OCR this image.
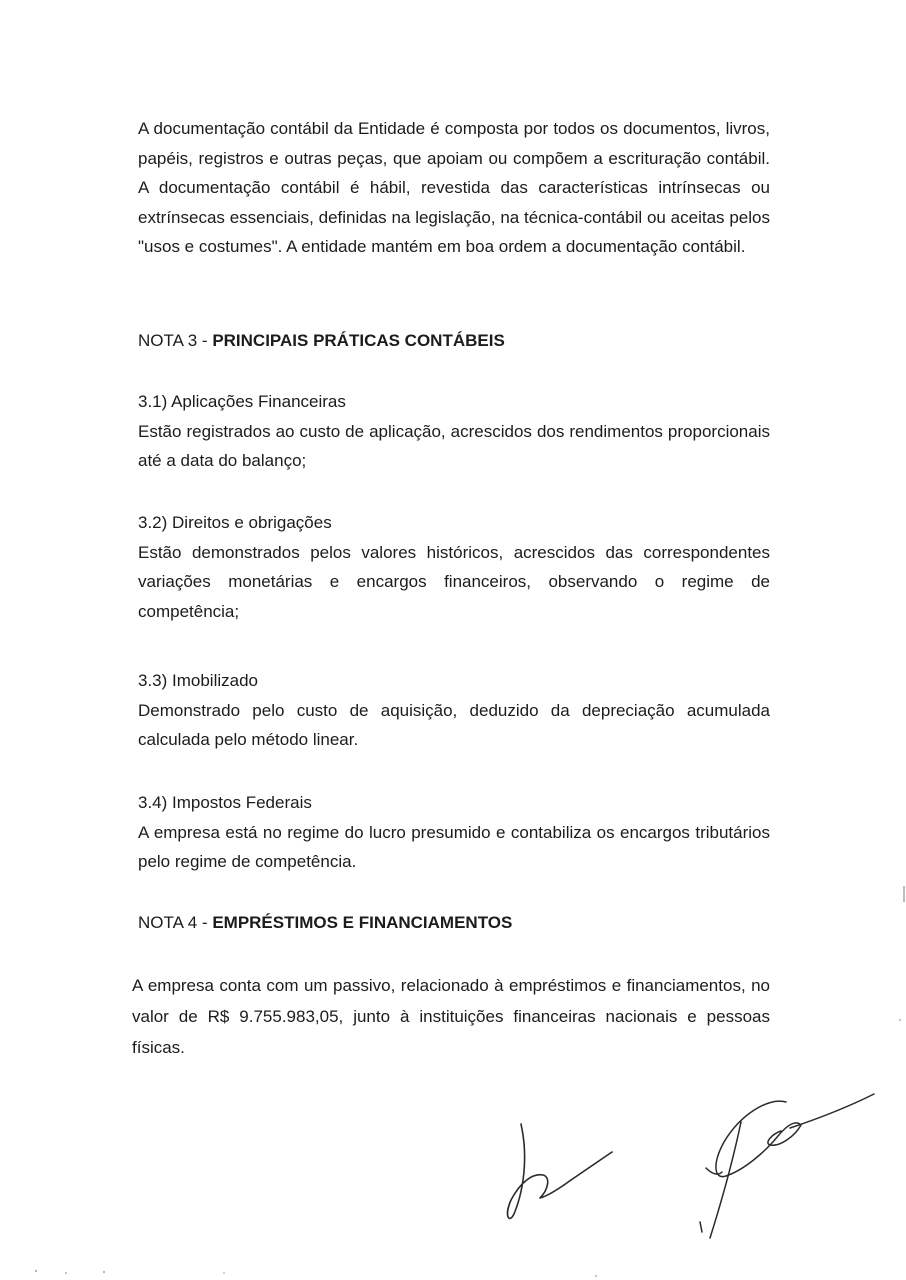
A documentação contábil da Entidade é composta por todos os documentos, livros, papéis, registros e outras peças, que apoiam ou compõem a escrituração contábil. A documentação contábil é hábil, revestida das características intrínsecas ou extrínsecas essenciais, definidas na legislação, na técnica-contábil ou aceitas pelos "usos e costumes". A entidade mantém em boa ordem a documentação contábil.

NOTA 3 - PRINCIPAIS PRÁTICAS CONTÁBEIS
3.1) Aplicações Financeiras
Estão registrados ao custo de aplicação, acrescidos dos rendimentos proporcionais até a data do balanço;
3.2) Direitos e obrigações
Estão demonstrados pelos valores históricos, acrescidos das correspondentes variações monetárias e encargos financeiros, observando o regime de competência;
3.3) Imobilizado
Demonstrado pelo custo de aquisição, deduzido da depreciação acumulada calculada pelo método linear.
3.4) Impostos Federais
A empresa está no regime do lucro presumido e contabiliza os encargos tributários pelo regime de competência.
NOTA 4 - EMPRÉSTIMOS E FINANCIAMENTOS

A empresa conta com um passivo, relacionado à empréstimos e financiamentos, no valor de R$ 9.755.983,05, junto à instituições financeiras nacionais e pessoas físicas.
